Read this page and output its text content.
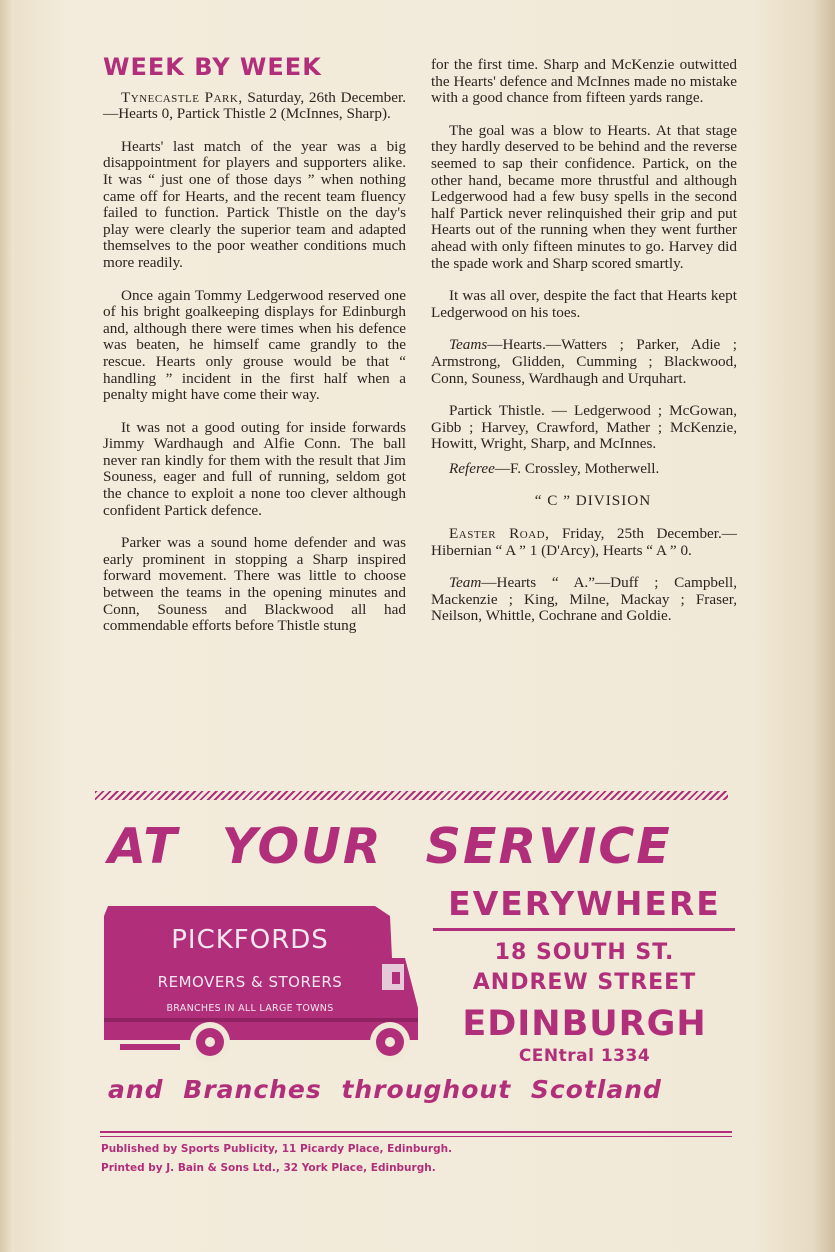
WEEK BY WEEK

Tynecastle Park, Saturday, 26th December.—Hearts 0, Partick Thistle 2 (McInnes, Sharp).

Hearts' last match of the year was a big disappointment for players and supporters alike. It was “ just one of those days ” when nothing came off for Hearts, and the recent team fluency failed to function. Partick Thistle on the day's play were clearly the superior team and adapted themselves to the poor weather conditions much more readily.

Once again Tommy Ledgerwood reserved one of his bright goalkeeping displays for Edinburgh and, although there were times when his defence was beaten, he himself came grandly to the rescue. Hearts only grouse would be that “ handling ” incident in the first half when a penalty might have come their way.

It was not a good outing for inside forwards Jimmy Wardhaugh and Alfie Conn. The ball never ran kindly for them with the result that Jim Souness, eager and full of running, seldom got the chance to exploit a none too clever although confident Partick defence.

Parker was a sound home defender and was early prominent in stopping a Sharp inspired forward movement. There was little to choose between the teams in the opening minutes and Conn, Souness and Blackwood all had commendable efforts before Thistle stung

for the first time. Sharp and McKenzie outwitted the Hearts' defence and McInnes made no mistake with a good chance from fifteen yards range.

The goal was a blow to Hearts. At that stage they hardly deserved to be behind and the reverse seemed to sap their confidence. Partick, on the other hand, became more thrustful and although Ledgerwood had a few busy spells in the second half Partick never relinquished their grip and put Hearts out of the running when they went further ahead with only fifteen minutes to go. Harvey did the spade work and Sharp scored smartly.

It was all over, despite the fact that Hearts kept Ledgerwood on his toes.

Teams—Hearts.—Watters ; Parker, Adie ; Armstrong, Glidden, Cumming ; Blackwood, Conn, Souness, Wardhaugh and Urquhart.

Partick Thistle. — Ledgerwood ; McGowan, Gibb ; Harvey, Crawford, Mather ; McKenzie, Howitt, Wright, Sharp, and McInnes.

Referee—F. Crossley, Motherwell.

“ C ” DIVISION

Easter Road, Friday, 25th December.—Hibernian “ A ” 1 (D'Arcy), Hearts “ A ” 0.

Team—Hearts “ A.”—Duff ; Campbell, Mackenzie ; King, Milne, Mackay ; Fraser, Neilson, Whittle, Cochrane and Goldie.

AT YOUR SERVICE
PICKFORDS
REMOVERS & STORERS
BRANCHES IN ALL LARGE TOWNS
EVERYWHERE
18 SOUTH ST.
ANDREW STREET
EDINBURGH
CENtral 1334
and Branches throughout Scotland
Published by Sports Publicity, 11 Picardy Place, Edinburgh.
Printed by J. Bain & Sons Ltd., 32 York Place, Edinburgh.
